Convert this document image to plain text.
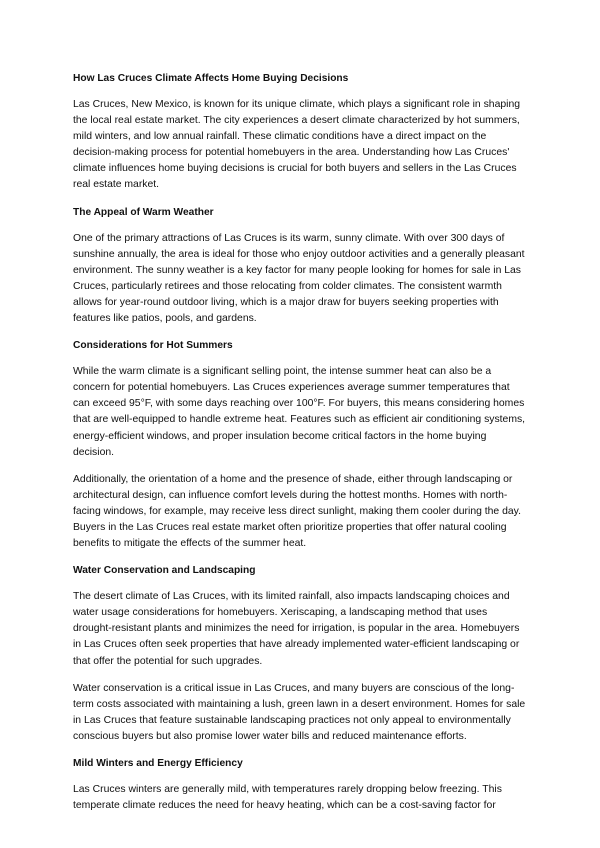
How Las Cruces Climate Affects Home Buying Decisions

Las Cruces, New Mexico, is known for its unique climate, which plays a significant role in shaping the local real estate market. The city experiences a desert climate characterized by hot summers, mild winters, and low annual rainfall. These climatic conditions have a direct impact on the decision-making process for potential homebuyers in the area. Understanding how Las Cruces' climate influences home buying decisions is crucial for both buyers and sellers in the Las Cruces real estate market.

The Appeal of Warm Weather

One of the primary attractions of Las Cruces is its warm, sunny climate. With over 300 days of sunshine annually, the area is ideal for those who enjoy outdoor activities and a generally pleasant environment. The sunny weather is a key factor for many people looking for homes for sale in Las Cruces, particularly retirees and those relocating from colder climates. The consistent warmth allows for year-round outdoor living, which is a major draw for buyers seeking properties with features like patios, pools, and gardens.

Considerations for Hot Summers

While the warm climate is a significant selling point, the intense summer heat can also be a concern for potential homebuyers. Las Cruces experiences average summer temperatures that can exceed 95°F, with some days reaching over 100°F. For buyers, this means considering homes that are well-equipped to handle extreme heat. Features such as efficient air conditioning systems, energy-efficient windows, and proper insulation become critical factors in the home buying decision.

Additionally, the orientation of a home and the presence of shade, either through landscaping or architectural design, can influence comfort levels during the hottest months. Homes with north-facing windows, for example, may receive less direct sunlight, making them cooler during the day. Buyers in the Las Cruces real estate market often prioritize properties that offer natural cooling benefits to mitigate the effects of the summer heat.

Water Conservation and Landscaping

The desert climate of Las Cruces, with its limited rainfall, also impacts landscaping choices and water usage considerations for homebuyers. Xeriscaping, a landscaping method that uses drought-resistant plants and minimizes the need for irrigation, is popular in the area. Homebuyers in Las Cruces often seek properties that have already implemented water-efficient landscaping or that offer the potential for such upgrades.

Water conservation is a critical issue in Las Cruces, and many buyers are conscious of the long-term costs associated with maintaining a lush, green lawn in a desert environment. Homes for sale in Las Cruces that feature sustainable landscaping practices not only appeal to environmentally conscious buyers but also promise lower water bills and reduced maintenance efforts.

Mild Winters and Energy Efficiency

Las Cruces winters are generally mild, with temperatures rarely dropping below freezing. This temperate climate reduces the need for heavy heating, which can be a cost-saving factor for
